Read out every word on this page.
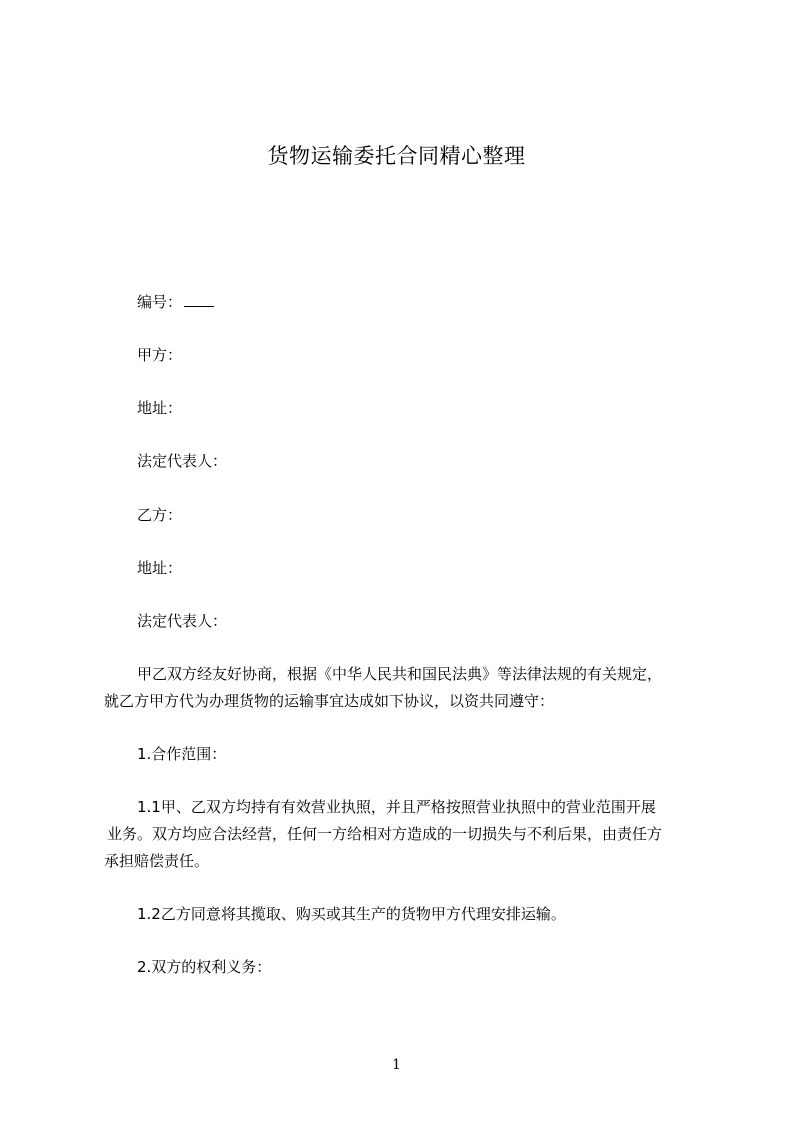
货物运输委托合同精心整理
编号：
甲方：
地址：
法定代表人：
乙方：
地址：
法定代表人：
甲乙双方经友好协商，根据《中华人民共和国民法典》等法律法规的有关规定，
就乙方甲方代为办理货物的运输事宜达成如下协议，以资共同遵守：
1.合作范围：
1.1甲、乙双方均持有有效营业执照，并且严格按照营业执照中的营业范围开展
业务。双方均应合法经营，任何一方给相对方造成的一切损失与不利后果，由责任方
承担赔偿责任。
1.2乙方同意将其揽取、购买或其生产的货物甲方代理安排运输。
2.双方的权利义务：
1
